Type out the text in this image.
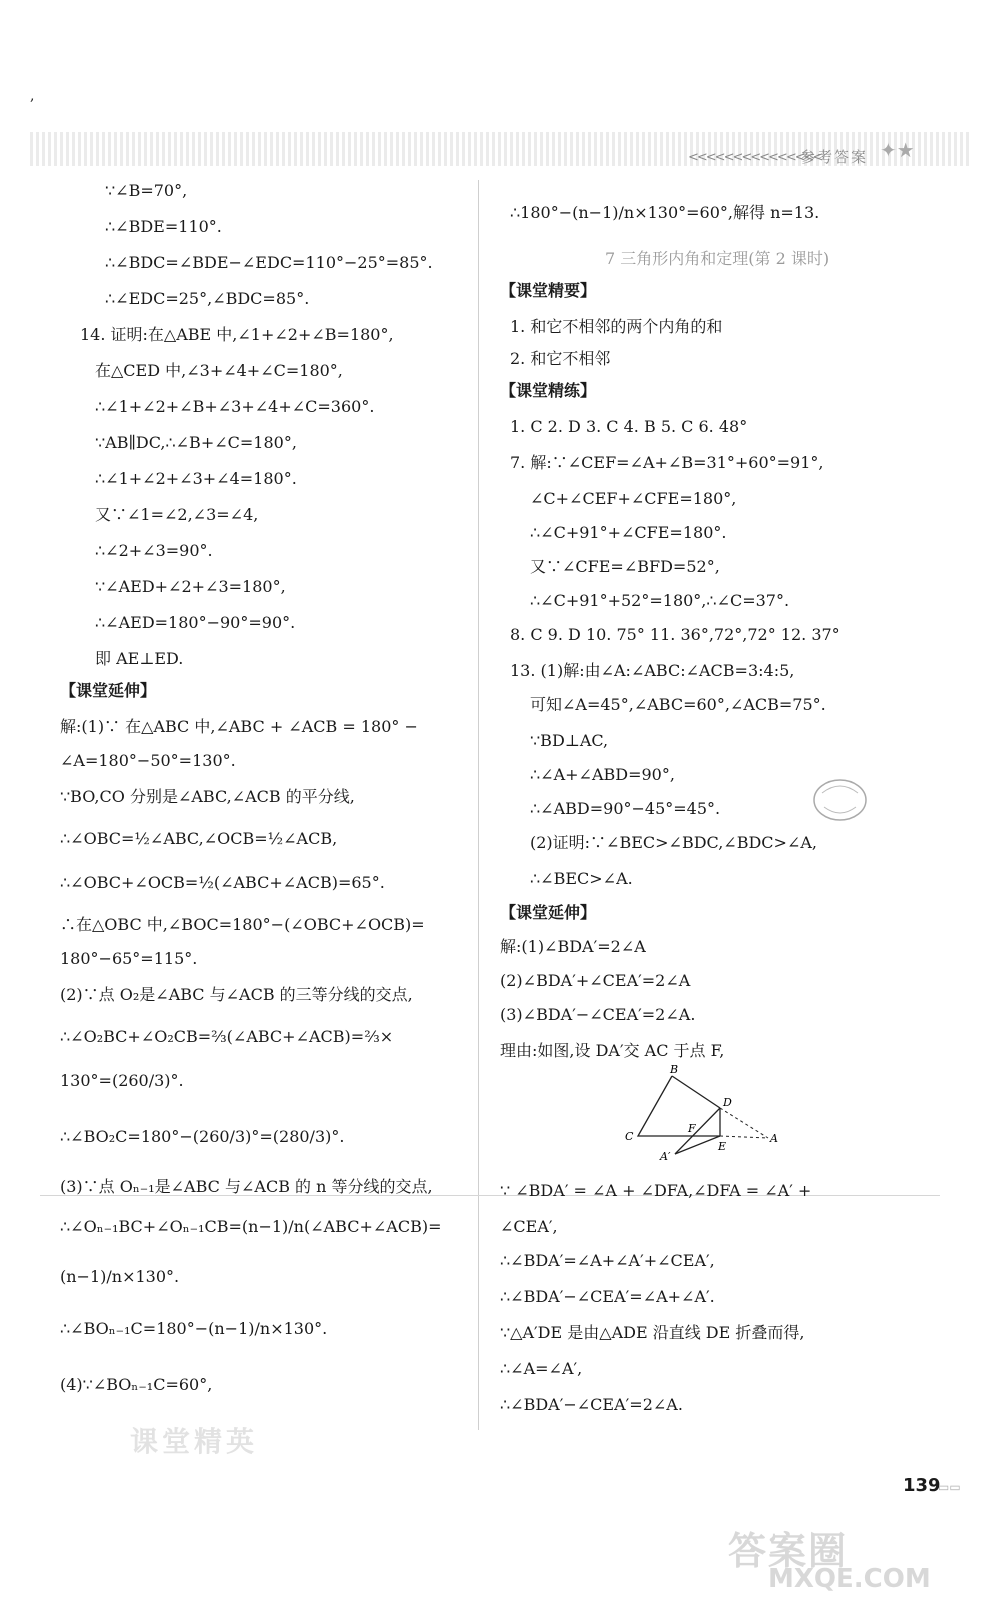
,
<<<<<<<<<<<<<<<
参考答案 ✦★
∵∠B=70°,
∴∠BDE=110°.
∴∠BDC=∠BDE−∠EDC=110°−25°=85°.
∴∠EDC=25°,∠BDC=85°.
14. 证明:在△ABE 中,∠1+∠2+∠B=180°,
在△CED 中,∠3+∠4+∠C=180°,
∴∠1+∠2+∠B+∠3+∠4+∠C=360°.
∵AB∥DC,∴∠B+∠C=180°,
∴∠1+∠2+∠3+∠4=180°.
又∵∠1=∠2,∠3=∠4,
∴∠2+∠3=90°.
∵∠AED+∠2+∠3=180°,
∴∠AED=180°−90°=90°.
即 AE⊥ED.
【课堂延伸】
解:(1)∵ 在△ABC 中,∠ABC + ∠ACB = 180° −
∠A=180°−50°=130°.
∵BO,CO 分别是∠ABC,∠ACB 的平分线,
∴∠OBC=½∠ABC,∠OCB=½∠ACB,
∴∠OBC+∠OCB=½(∠ABC+∠ACB)=65°.
∴在△OBC 中,∠BOC=180°−(∠OBC+∠OCB)=
180°−65°=115°.
(2)∵点 O₂是∠ABC 与∠ACB 的三等分线的交点,
∴∠O₂BC+∠O₂CB=⅔(∠ABC+∠ACB)=⅔×
130°=(260/3)°.
∴∠BO₂C=180°−(260/3)°=(280/3)°.
(3)∵点 Oₙ₋₁是∠ABC 与∠ACB 的 n 等分线的交点,
∴∠Oₙ₋₁BC+∠Oₙ₋₁CB=(n−1)/n(∠ABC+∠ACB)=
(n−1)/n×130°.
∴∠BOₙ₋₁C=180°−(n−1)/n×130°.
(4)∵∠BOₙ₋₁C=60°,
∴180°−(n−1)/n×130°=60°,解得 n=13.
7 三角形内角和定理(第 2 课时)
【课堂精要】
1. 和它不相邻的两个内角的和
2. 和它不相邻
【课堂精练】
1. C 2. D 3. C 4. B 5. C 6. 48°
7. 解:∵∠CEF=∠A+∠B=31°+60°=91°,
∠C+∠CEF+∠CFE=180°,
∴∠C+91°+∠CFE=180°.
又∵∠CFE=∠BFD=52°,
∴∠C+91°+52°=180°,∴∠C=37°.
8. C 9. D 10. 75° 11. 36°,72°,72° 12. 37°
13. (1)解:由∠A:∠ABC:∠ACB=3:4:5,
可知∠A=45°,∠ABC=60°,∠ACB=75°.
∵BD⊥AC,
∴∠A+∠ABD=90°,
∴∠ABD=90°−45°=45°.
(2)证明:∵∠BEC>∠BDC,∠BDC>∠A,
∴∠BEC>∠A.
【课堂延伸】
解:(1)∠BDA′=2∠A
(2)∠BDA′+∠CEA′=2∠A
(3)∠BDA′−∠CEA′=2∠A.
理由:如图,设 DA′交 AC 于点 F,
∵ ∠BDA′ = ∠A + ∠DFA,∠DFA = ∠A′ +
∠CEA′,
∴∠BDA′=∠A+∠A′+∠CEA′,
∴∠BDA′−∠CEA′=∠A+∠A′.
∵△A′DE 是由△ADE 沿直线 DE 折叠而得,
∴∠A=∠A′,
∴∠BDA′−∠CEA′=2∠A.
B
D
C
F
A
A′
E
课堂精英
139
▭▭
答案圈
MXQE.COM
